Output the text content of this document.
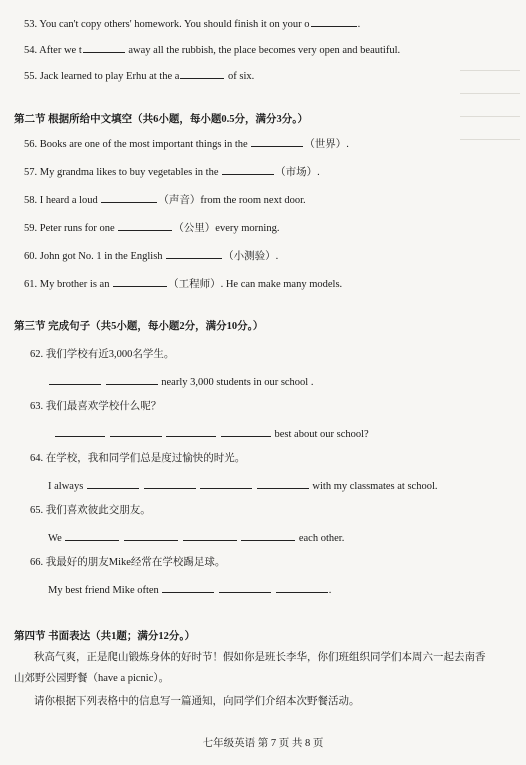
53. You can't copy others' homework. You should finish it on your o	.
54. After we t	away all the rubbish, the place becomes very open and beautiful.
55. Jack learned to play Erhu at the a	of six.
第二节 根据所给中文填空（共6小题，每小题0.5分，满分3分。）
56. Books are one of the most important things in the	（世界）.
57. My grandma likes to buy vegetables in the	（市场）.
58. I heard a loud	（声音）from the room next door.
59. Peter runs for one	（公里）every morning.
60. John got No. 1 in the English	（小测验）.
61. My brother is an	（工程师）. He can make many models.
第三节 完成句子（共5小题，每小题2分，满分10分。）
62. 我们学校有近3,000名学生。
nearly 3,000 students in our school .
63. 我们最喜欢学校什么呢？
best about our school?
64. 在学校，我和同学们总是度过愉快的时光。
I always	with my classmates at school.
65. 我们喜欢彼此交朋友。
We	each other.
66. 我最好的朋友Mike经常在学校踢足球。
My best friend Mike often	.
第四节 书面表达（共1题；满分12分。）
秋高气爽，正是爬山锻炼身体的好时节！假如你是班长李华，你们班组织同学们本周六一起去南香
山郊野公园野餐（have a picnic）。
请你根据下列表格中的信息写一篇通知，向同学们介绍本次野餐活动。
七年级英语 第 7 页 共 8 页
